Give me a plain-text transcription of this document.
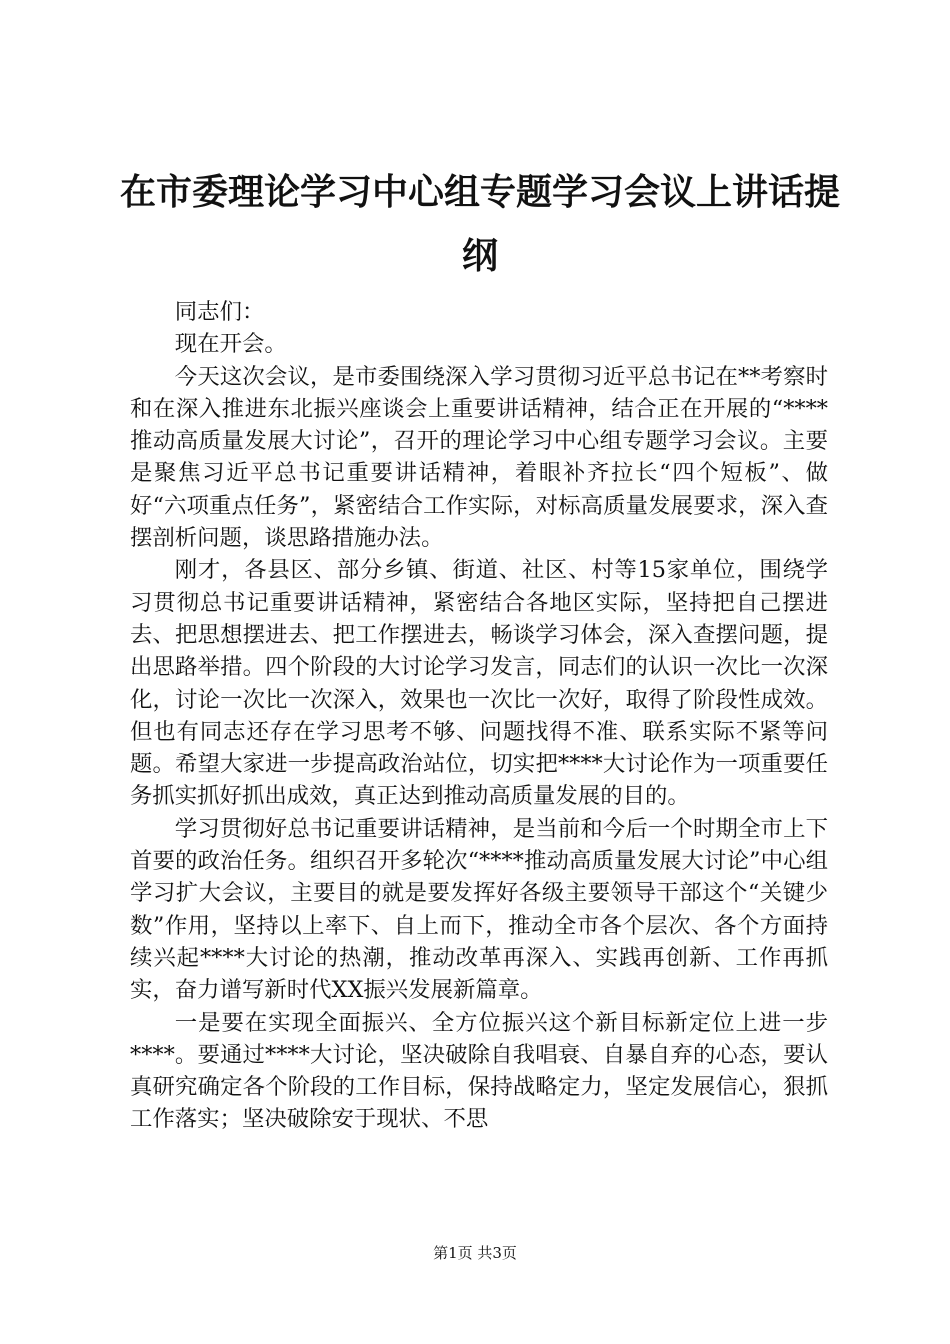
在市委理论学习中心组专题学习会议上讲话提纲

同志们：

现在开会。

今天这次会议，是市委围绕深入学习贯彻习近平总书记在**考察时和在深入推进东北振兴座谈会上重要讲话精神，结合正在开展的“****推动高质量发展大讨论”，召开的理论学习中心组专题学习会议。主要是聚焦习近平总书记重要讲话精神，着眼补齐拉长“四个短板”、做好“六项重点任务”，紧密结合工作实际，对标高质量发展要求，深入查摆剖析问题，谈思路措施办法。

刚才，各县区、部分乡镇、街道、社区、村等15家单位，围绕学习贯彻总书记重要讲话精神，紧密结合各地区实际，坚持把自己摆进去、把思想摆进去、把工作摆进去，畅谈学习体会，深入查摆问题，提出思路举措。四个阶段的大讨论学习发言，同志们的认识一次比一次深化，讨论一次比一次深入，效果也一次比一次好，取得了阶段性成效。但也有同志还存在学习思考不够、问题找得不准、联系实际不紧等问题。希望大家进一步提高政治站位，切实把****大讨论作为一项重要任务抓实抓好抓出成效，真正达到推动高质量发展的目的。

学习贯彻好总书记重要讲话精神，是当前和今后一个时期全市上下首要的政治任务。组织召开多轮次“****推动高质量发展大讨论”中心组学习扩大会议，主要目的就是要发挥好各级主要领导干部这个“关键少数”作用，坚持以上率下、自上而下，推动全市各个层次、各个方面持续兴起****大讨论的热潮，推动改革再深入、实践再创新、工作再抓实，奋力谱写新时代XX振兴发展新篇章。

一是要在实现全面振兴、全方位振兴这个新目标新定位上进一步****。要通过****大讨论，坚决破除自我唱衰、自暴自弃的心态，要认真研究确定各个阶段的工作目标，保持战略定力，坚定发展信心，狠抓工作落实；坚决破除安于现状、不思

第1页 共3页
